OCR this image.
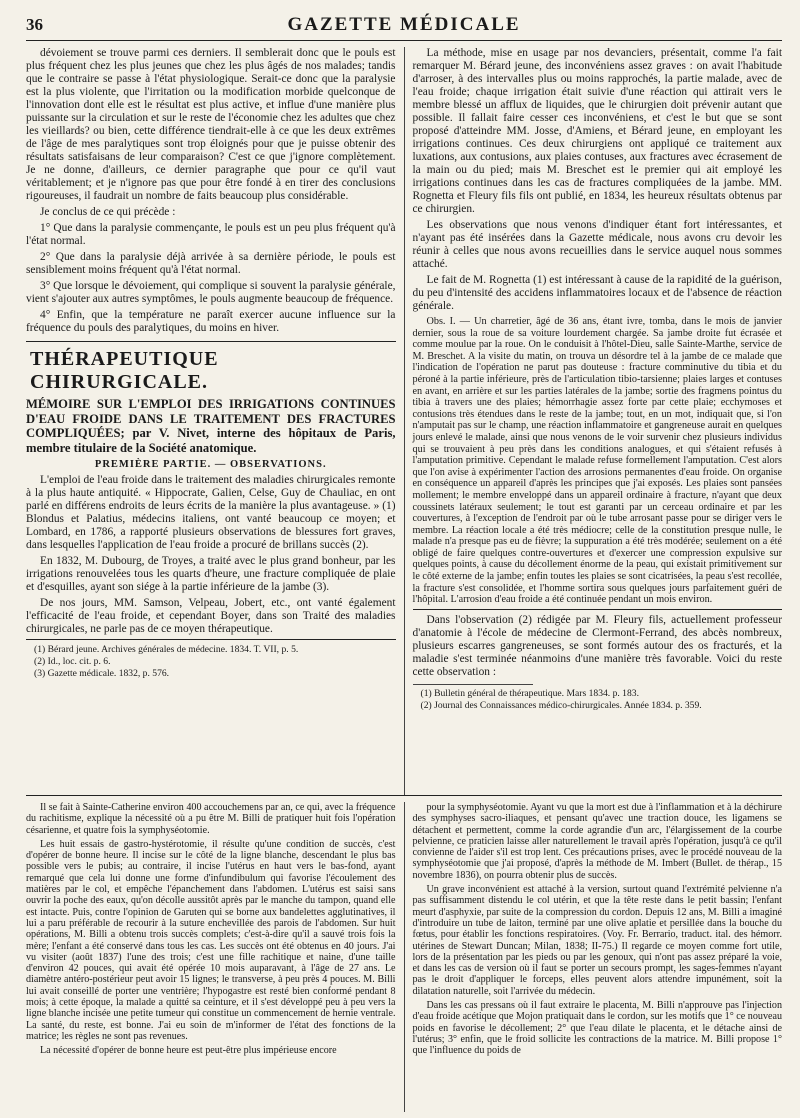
36	GAZETTE MÉDICALE

dévoiement se trouve parmi ces derniers. Il semblerait donc que le pouls est plus fréquent chez les plus jeunes que chez les plus âgés de nos malades; tandis que le contraire se passe à l'état physiologique. Serait-ce donc que la paralysie est la plus violente, que l'irritation ou la modification morbide quelconque de l'innovation dont elle est le résultat est plus active, et influe d'une manière plus puissante sur la circulation et sur le reste de l'économie chez les adultes que chez les vieillards? ou bien, cette différence tiendrait-elle à ce que les deux extrêmes de l'âge de mes paralytiques sont trop éloignés pour que je puisse obtenir des résultats satisfaisans de leur comparaison? C'est ce que j'ignore complètement. Je ne donne, d'ailleurs, ce dernier paragraphe que pour ce qu'il vaut véritablement; et je n'ignore pas que pour être fondé à en tirer des conclusions rigoureuses, il faudrait un nombre de faits beaucoup plus considérable.

Je conclus de ce qui précède :

1° Que dans la paralysie commençante, le pouls est un peu plus fréquent qu'à l'état normal.

2° Que dans la paralysie déjà arrivée à sa dernière période, le pouls est sensiblement moins fréquent qu'à l'état normal.

3° Que lorsque le dévoiement, qui complique si souvent la paralysie générale, vient s'ajouter aux autres symptômes, le pouls augmente beaucoup de fréquence.

4° Enfin, que la température ne paraît exercer aucune influence sur la fréquence du pouls des paralytiques, du moins en hiver.

THÉRAPEUTIQUE CHIRURGICALE.
MÉMOIRE SUR L'EMPLOI DES IRRIGATIONS CONTINUES D'EAU FROIDE DANS LE TRAITEMENT DES FRACTURES COMPLIQUÉES; par V. Nivet, interne des hôpitaux de Paris, membre titulaire de la Société anatomique.
PREMIÈRE PARTIE. — OBSERVATIONS.

L'emploi de l'eau froide dans le traitement des maladies chirurgicales remonte à la plus haute antiquité. « Hippocrate, Galien, Celse, Guy de Chauliac, en ont parlé en différens endroits de leurs écrits de la manière la plus avantageuse. » (1) Blondus et Palatius, médecins italiens, ont vanté beaucoup ce moyen; et Lombard, en 1786, a rapporté plusieurs observations de blessures fort graves, dans lesquelles l'application de l'eau froide a procuré de brillans succès (2).

En 1832, M. Dubourg, de Troyes, a traité avec le plus grand bonheur, par les irrigations renouvelées tous les quarts d'heure, une fracture compliquée de plaie et d'esquilles, ayant son siége à la partie inférieure de la jambe (3).

De nos jours, MM. Samson, Velpeau, Jobert, etc., ont vanté également l'efficacité de l'eau froide, et cependant Boyer, dans son Traité des maladies chirurgicales, ne parle pas de ce moyen thérapeutique.

(1) Bérard jeune. Archives générales de médecine. 1834. T. VII, p. 5.

(2) Id., loc. cit. p. 6.

(3) Gazette médicale. 1832, p. 576.

La méthode, mise en usage par nos devanciers, présentait, comme l'a fait remarquer M. Bérard jeune, des inconvéniens assez graves : on avait l'habitude d'arroser, à des intervalles plus ou moins rapprochés, la partie malade, avec de l'eau froide; chaque irrigation était suivie d'une réaction qui attirait vers le membre blessé un afflux de liquides, que le chirurgien doit prévenir autant que possible. Il fallait faire cesser ces inconvéniens, et c'est le but que se sont proposé d'atteindre MM. Josse, d'Amiens, et Bérard jeune, en employant les irrigations continues. Ces deux chirurgiens ont appliqué ce traitement aux luxations, aux contusions, aux plaies contuses, aux fractures avec écrasement de la main ou du pied; mais M. Breschet est le premier qui ait employé les irrigations continues dans les cas de fractures compliquées de la jambe. MM. Rognetta et Fleury fils fils ont publié, en 1834, les heureux résultats obtenus par ce chirurgien.

Les observations que nous venons d'indiquer étant fort intéressantes, et n'ayant pas été insérées dans la Gazette médicale, nous avons cru devoir les réunir à celles que nous avons recueillies dans le service auquel nous sommes attaché.

Le fait de M. Rognetta (1) est intéressant à cause de la rapidité de la guérison, du peu d'intensité des accidens inflammatoires locaux et de l'absence de réaction générale.

Obs. I. — Un charretier, âgé de 36 ans, étant ivre, tomba, dans le mois de janvier dernier, sous la roue de sa voiture lourdement chargée. Sa jambe droite fut écrasée et comme moulue par la roue. On le conduisit à l'hôtel-Dieu, salle Sainte-Marthe, service de M. Breschet. A la visite du matin, on trouva un désordre tel à la jambe de ce malade que l'indication de l'opération ne parut pas douteuse : fracture comminutive du tibia et du péroné à la partie inférieure, près de l'articulation tibio-tarsienne; plaies larges et contuses en avant, en arrière et sur les parties latérales de la jambe; sortie des fragmens pointus du tibia à travers une des plaies; hémorrhagie assez forte par cette plaie; ecchymoses et contusions très étendues dans le reste de la jambe; tout, en un mot, indiquait que, si l'on n'amputait pas sur le champ, une réaction inflammatoire et gangreneuse aurait en quelques jours enlevé le malade, ainsi que nous venons de le voir survenir chez plusieurs individus qui se trouvaient à peu près dans les conditions analogues, et qui s'étaient refusés à l'amputation primitive. Cependant le malade refuse formellement l'amputation. C'est alors que l'on avise à expérimenter l'action des arrosions permanentes d'eau froide. On organise en conséquence un appareil d'après les principes que j'ai exposés. Les plaies sont pansées mollement; le membre enveloppé dans un appareil ordinaire à fracture, n'ayant que deux coussinets latéraux seulement; le tout est garanti par un cerceau ordinaire et par les couvertures, à l'exception de l'endroit par où le tube arrosant passe pour se diriger vers le membre. La réaction locale a été très médiocre; celle de la constitution presque nulle, le malade n'a presque pas eu de fièvre; la suppuration a été très modérée; seulement on a été obligé de faire quelques contre-ouvertures et d'exercer une compression expulsive sur quelques points, à cause du décollement énorme de la peau, qui existait primitivement sur le côté externe de la jambe; enfin toutes les plaies se sont cicatrisées, la peau s'est recollée, la fracture s'est consolidée, et l'homme sortira sous quelques jours parfaitement guéri de l'hôpital. L'arrosion d'eau froide a été continuée pendant un mois environ.

Dans l'observation (2) rédigée par M. Fleury fils, actuellement professeur d'anatomie à l'école de médecine de Clermont-Ferrand, des abcès nombreux, plusieurs escarres gangreneuses, se sont formés autour des os fracturés, et la maladie s'est terminée néanmoins d'une manière très favorable. Voici du reste cette observation :

(1) Bulletin général de thérapeutique. Mars 1834. p. 183.

(2) Journal des Connaissances médico-chirurgicales. Année 1834. p. 359.

Il se fait à Sainte-Catherine environ 400 accouchemens par an, ce qui, avec la fréquence du rachitisme, explique la nécessité où a pu être M. Billi de pratiquer huit fois l'opération césarienne, et quatre fois la symphyséotomie.

Les huit essais de gastro-hystérotomie, il résulte qu'une condition de succès, c'est d'opérer de bonne heure. Il incise sur le côté de la ligne blanche, descendant le plus bas possible vers le pubis; au contraire, il incise l'utérus en haut vers le bas-fond, ayant remarqué que cela lui donne une forme d'infundibulum qui favorise l'écoulement des matières par le col, et empêche l'épanchement dans l'abdomen. L'utérus est saisi sans ouvrir la poche des eaux, qu'on décolle aussitôt après par le manche du tampon, quand elle est intacte. Puis, contre l'opinion de Garuten qui se borne aux bandelettes agglutinatives, il lui a paru préférable de recourir à la suture enchevillée des parois de l'abdomen. Sur huit opérations, M. Billi a obtenu trois succès complets; c'est-à-dire qu'il a sauvé trois fois la mère; l'enfant a été conservé dans tous les cas. Les succès ont été obtenus en 40 jours. J'ai vu visiter (août 1837) l'une des trois; c'est une fille rachitique et naine, d'une taille d'environ 42 pouces, qui avait été opérée 10 mois auparavant, à l'âge de 27 ans. Le diamètre antéro-postérieur peut avoir 15 lignes; le transverse, à peu près 4 pouces. M. Billi lui avait conseillé de porter une ventrière; l'hypogastre est resté bien conformé pendant 8 mois; à cette époque, la malade a quitté sa ceinture, et il s'est développé peu à peu vers la ligne blanche incisée une petite tumeur qui constitue un commencement de hernie ventrale. La santé, du reste, est bonne. J'ai eu soin de m'informer de l'état des fonctions de la matrice; les règles ne sont pas revenues.

La nécessité d'opérer de bonne heure est peut-être plus impérieuse encore

pour la symphyséotomie. Ayant vu que la mort est due à l'inflammation et à la déchirure des symphyses sacro-iliaques, et pensant qu'avec une traction douce, les ligamens se détachent et permettent, comme la corde agrandie d'un arc, l'élargissement de la courbe pelvienne, ce praticien laisse aller naturellement le travail après l'opération, jusqu'à ce qu'il convienne de l'aider s'il est trop lent. Ces précautions prises, avec le procédé nouveau de la symphyséotomie que j'ai proposé, d'après la méthode de M. Imbert (Bullet. de thérap., 15 novembre 1836), on pourra obtenir plus de succès.

Un grave inconvénient est attaché à la version, surtout quand l'extrémité pelvienne n'a pas suffisamment distendu le col utérin, et que la tête reste dans le petit bassin; l'enfant meurt d'asphyxie, par suite de la compression du cordon. Depuis 12 ans, M. Billi a imaginé d'introduire un tube de laiton, terminé par une olive aplatie et persillée dans la bouche du fœtus, pour établir les fonctions respiratoires. (Voy. Fr. Berrario, traduct. ital. des hémorr. utérines de Stewart Duncan; Milan, 1838; II-75.) Il regarde ce moyen comme fort utile, lors de la présentation par les pieds ou par les genoux, qui n'ont pas assez préparé la voie, et dans les cas de version où il faut se porter un secours prompt, les sages-femmes n'ayant pas le droit d'appliquer le forceps, elles peuvent alors attendre impunément, soit la dilatation naturelle, soit l'arrivée du médecin.

Dans les cas pressans où il faut extraire le placenta, M. Billi n'approuve pas l'injection d'eau froide acétique que Mojon pratiquait dans le cordon, sur les motifs que 1° ce nouveau poids en favorise le décollement; 2° que l'eau dilate le placenta, et le détache ainsi de l'utérus; 3° enfin, que le froid sollicite les contractions de la matrice. M. Billi propose 1° que l'influence du poids de
